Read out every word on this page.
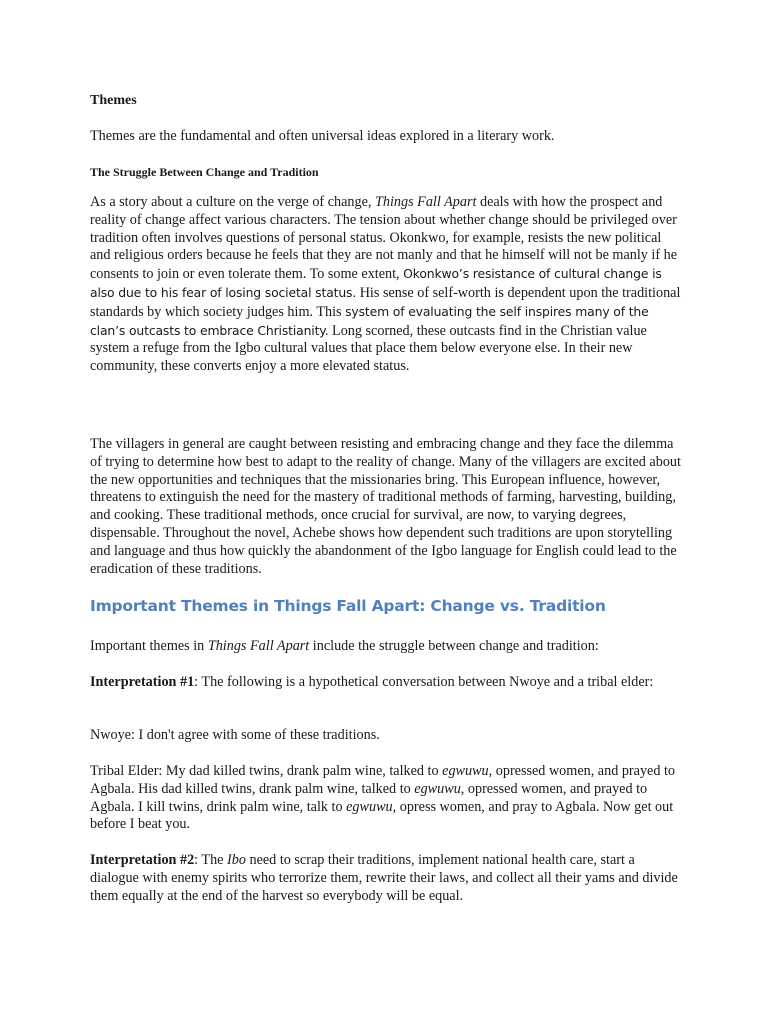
Themes

Themes are the fundamental and often universal ideas explored in a literary work.

The Struggle Between Change and Tradition

As a story about a culture on the verge of change, Things Fall Apart deals with how the prospect and reality of change affect various characters. The tension about whether change should be privileged over tradition often involves questions of personal status. Okonkwo, for example, resists the new political and religious orders because he feels that they are not manly and that he himself will not be manly if he consents to join or even tolerate them. To some extent, Okonkwo’s resistance of cultural change is also due to his fear of losing societal status. His sense of self-worth is dependent upon the traditional standards by which society judges him. This system of evaluating the self inspires many of the clan’s outcasts to embrace Christianity. Long scorned, these outcasts find in the Christian value system a refuge from the Igbo cultural values that place them below everyone else. In their new community, these converts enjoy a more elevated status.

The villagers in general are caught between resisting and embracing change and they face the dilemma of trying to determine how best to adapt to the reality of change. Many of the villagers are excited about the new opportunities and techniques that the missionaries bring. This European influence, however, threatens to extinguish the need for the mastery of traditional methods of farming, harvesting, building, and cooking. These traditional methods, once crucial for survival, are now, to varying degrees, dispensable. Throughout the novel, Achebe shows how dependent such traditions are upon storytelling and language and thus how quickly the abandonment of the Igbo language for English could lead to the eradication of these traditions.

Important Themes in Things Fall Apart: Change vs. Tradition

Important themes in Things Fall Apart include the struggle between change and tradition:

Interpretation #1: The following is a hypothetical conversation between Nwoye and a tribal elder:

Nwoye: I don't agree with some of these traditions.

Tribal Elder: My dad killed twins, drank palm wine, talked to egwuwu, opressed women, and prayed to Agbala. His dad killed twins, drank palm wine, talked to egwuwu, opressed women, and prayed to Agbala. I kill twins, drink palm wine, talk to egwuwu, opress women, and pray to Agbala. Now get out before I beat you.

Interpretation #2: The Ibo need to scrap their traditions, implement national health care, start a dialogue with enemy spirits who terrorize them, rewrite their laws, and collect all their yams and divide them equally at the end of the harvest so everybody will be equal.
